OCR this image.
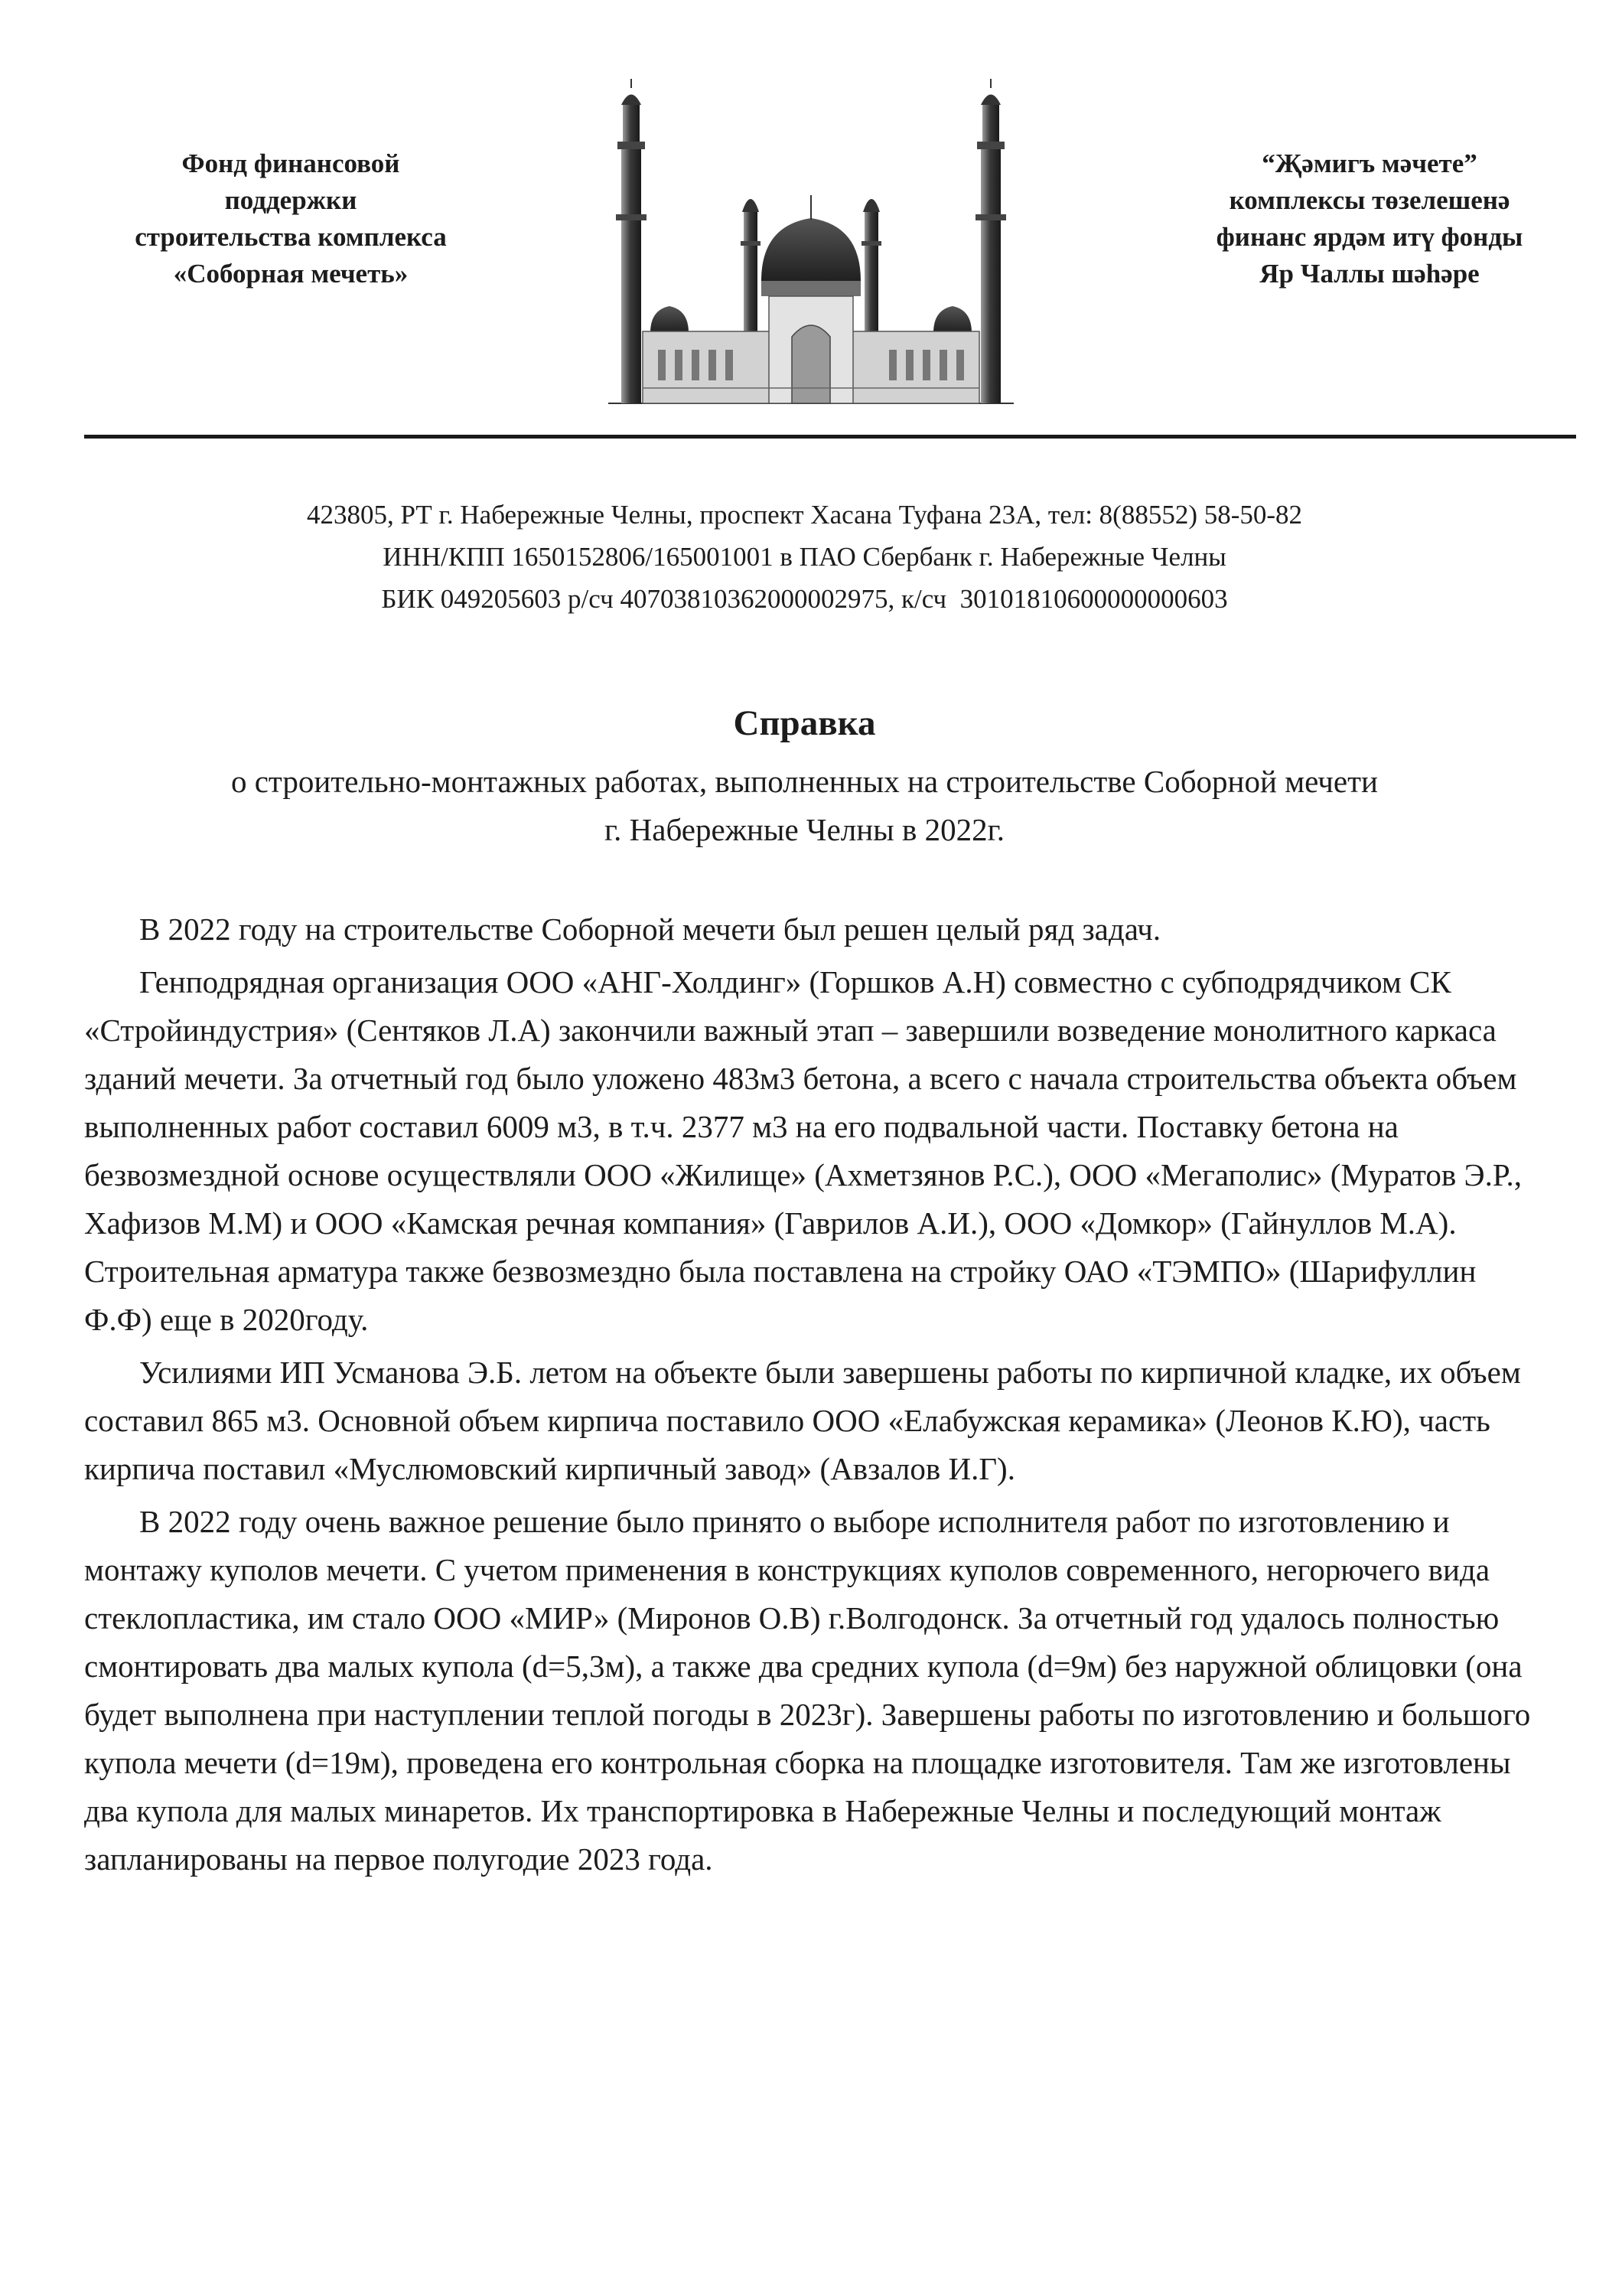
Фонд финансовой
поддержки
строительства комплекса
«Соборная мечеть»
“Җәмигъ мәчете”
комплексы төзелешенә
финанс ярдәм итү фонды
Яр Чаллы шәһәре
423805, РТ г. Набережные Челны, проспект Хасана Туфана 23А, тел: 8(88552) 58-50-82
ИНН/КПП 1650152806/165001001 в ПАО Сбербанк г. Набережные Челны
БИК 049205603 р/сч 40703810362000002975, к/сч  30101810600000000603
Справка
о строительно-монтажных работах, выполненных на строительстве Соборной мечети
г. Набережные Челны в 2022г.

В 2022 году на строительстве Соборной мечети был решен целый ряд задач.

Генподрядная организация ООО «АНГ-Холдинг» (Горшков А.Н) совместно с субподрядчиком СК «Стройиндустрия» (Сентяков Л.А) закончили важный этап – завершили возведение монолитного каркаса зданий мечети. За отчетный год было уложено 483м3 бетона, а всего с начала строительства объекта объем выполненных работ составил 6009 м3, в т.ч. 2377 м3 на его подвальной части. Поставку бетона на безвозмездной основе осуществляли ООО «Жилище» (Ахметзянов Р.С.), ООО «Мегаполис» (Муратов Э.Р., Хафизов М.М) и ООО «Камская речная компания» (Гаврилов А.И.), ООО «Домкор» (Гайнуллов М.А). Строительная арматура также безвозмездно была поставлена на стройку ОАО «ТЭМПО» (Шарифуллин Ф.Ф) еще в 2020году.

Усилиями ИП Усманова Э.Б. летом на объекте были завершены работы по кирпичной кладке, их объем составил 865 м3. Основной объем кирпича поставило ООО «Елабужская керамика» (Леонов К.Ю), часть кирпича поставил «Муслюмовский кирпичный завод» (Авзалов И.Г).

В 2022 году очень важное решение было принято о выборе исполнителя работ по изготовлению и монтажу куполов мечети. С учетом применения в конструкциях куполов современного, негорючего вида стеклопластика, им стало ООО «МИР» (Миронов О.В) г.Волгодонск. За отчетный год удалось полностью смонтировать два малых купола (d=5,3м), а также два средних купола (d=9м) без наружной облицовки (она будет выполнена при наступлении теплой погоды в 2023г). Завершены работы по изготовлению и большого купола мечети (d=19м), проведена его контрольная сборка на площадке изготовителя. Там же изготовлены два купола для малых минаретов. Их транспортировка в Набережные Челны и последующий монтаж запланированы на первое полугодие 2023 года.
